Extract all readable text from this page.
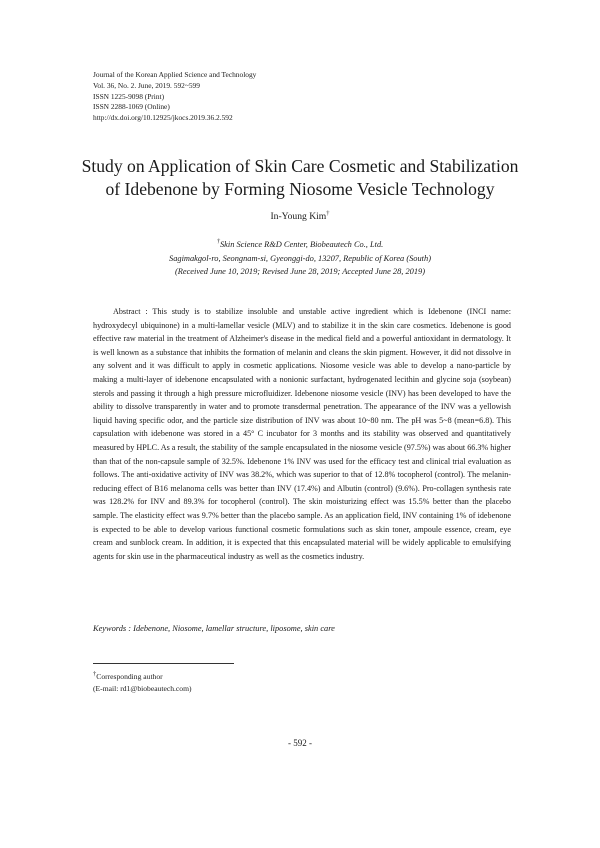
Journal of the Korean Applied Science and Technology
Vol. 36, No. 2. June, 2019. 592~599
ISSN 1225-9098 (Print)
ISSN 2288-1069 (Online)
http://dx.doi.org/10.12925/jkocs.2019.36.2.592
Study on Application of Skin Care Cosmetic and Stabilization
of Idebenone by Forming Niosome Vesicle Technology
In-Young Kim†
†Skin Science R&D Center, Biobeautech Co., Ltd.
Sagimakgol-ro, Seongnam-si, Gyeonggi-do, 13207, Republic of Korea (South)
(Received June 10, 2019; Revised June 28, 2019; Accepted June 28, 2019)
Abstract : This study is to stabilize insoluble and unstable active ingredient which is Idebenone (INCI name: hydroxydecyl ubiquinone) in a multi-lamellar vesicle (MLV) and to stabilize it in the skin care cosmetics. Idebenone is good effective raw material in the treatment of Alzheimer's disease in the medical field and a powerful antioxidant in dermatology. It is well known as a substance that inhibits the formation of melanin and cleans the skin pigment. However, it did not dissolve in any solvent and it was difficult to apply in cosmetic applications. Niosome vesicle was able to develop a nano-particle by making a multi-layer of idebenone encapsulated with a nonionic surfactant, hydrogenated lecithin and glycine soja (soybean) sterols and passing it through a high pressure microfluidizer. Idebenone niosome vesicle (INV) has been developed to have the ability to dissolve transparently in water and to promote transdermal penetration. The appearance of the INV was a yellowish liquid having specific odor, and the particle size distribution of INV was about 10~80 nm. The pH was 5~8 (mean=6.8). This capsulation with idebenone was stored in a 45° C incubator for 3 months and its stability was observed and quantitatively measured by HPLC. As a result, the stability of the sample encapsulated in the niosome vesicle (97.5%) was about 66.3% higher than that of the non-capsule sample of 32.5%. Idebenone 1% INV was used for the efficacy test and clinical trial evaluation as follows. The anti-oxidative activity of INV was 38.2%, which was superior to that of 12.8% tocopherol (control). The melanin-reducing effect of B16 melanoma cells was better than INV (17.4%) and Albutin (control) (9.6%). Pro-collagen synthesis rate was 128.2% for INV and 89.3% for tocopherol (control). The skin moisturizing effect was 15.5% better than the placebo sample. The elasticity effect was 9.7% better than the placebo sample. As an application field, INV containing 1% of idebenone is expected to be able to develop various functional cosmetic formulations such as skin toner, ampoule essence, cream, eye cream and sunblock cream. In addition, it is expected that this encapsulated material will be widely applicable to emulsifying agents for skin use in the pharmaceutical industry as well as the cosmetics industry.
Keywords : Idebenone, Niosome, lamellar structure, liposome, skin care
†Corresponding author
(E-mail: rd1@biobeautech.com)
- 592 -
